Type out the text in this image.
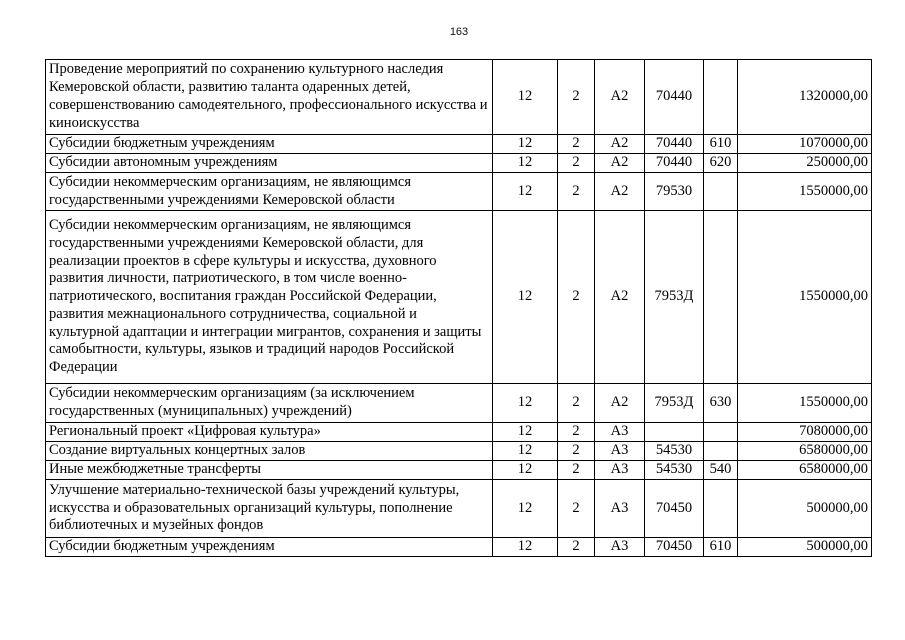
163
Проведение мероприятий по сохранению культурного наследия Кемеровской области, развитию таланта одаренных детей, совершенствованию самодеятельного, профессионального искусства и киноискусства	12	2	А2	70440		1320000,00
Субсидии бюджетным учреждениям	12	2	А2	70440	610	1070000,00
Субсидии автономным учреждениям	12	2	А2	70440	620	250000,00
Субсидии некоммерческим организациям, не являющимся государственными учреждениями Кемеровской области	12	2	А2	79530		1550000,00
Субсидии некоммерческим организациям, не являющимся государственными учреждениями Кемеровской области, для реализации проектов в сфере культуры и искусства, духовного развития личности, патриотического, в том числе военно-патриотического, воспитания граждан Российской Федерации, развития межнационального сотрудничества, социальной и культурной адаптации и интеграции мигрантов, сохранения и защиты самобытности, культуры, языков и традиций народов Российской Федерации	12	2	А2	7953Д		1550000,00
Субсидии некоммерческим организациям (за исключением государственных (муниципальных) учреждений)	12	2	А2	7953Д	630	1550000,00
Региональный проект «Цифровая культура»	12	2	А3			7080000,00
Создание виртуальных концертных залов	12	2	А3	54530		6580000,00
Иные межбюджетные трансферты	12	2	А3	54530	540	6580000,00
Улучшение материально-технической базы учреждений культуры, искусства и образовательных организаций культуры, пополнение библиотечных и музейных фондов	12	2	А3	70450		500000,00
Субсидии бюджетным учреждениям	12	2	А3	70450	610	500000,00
